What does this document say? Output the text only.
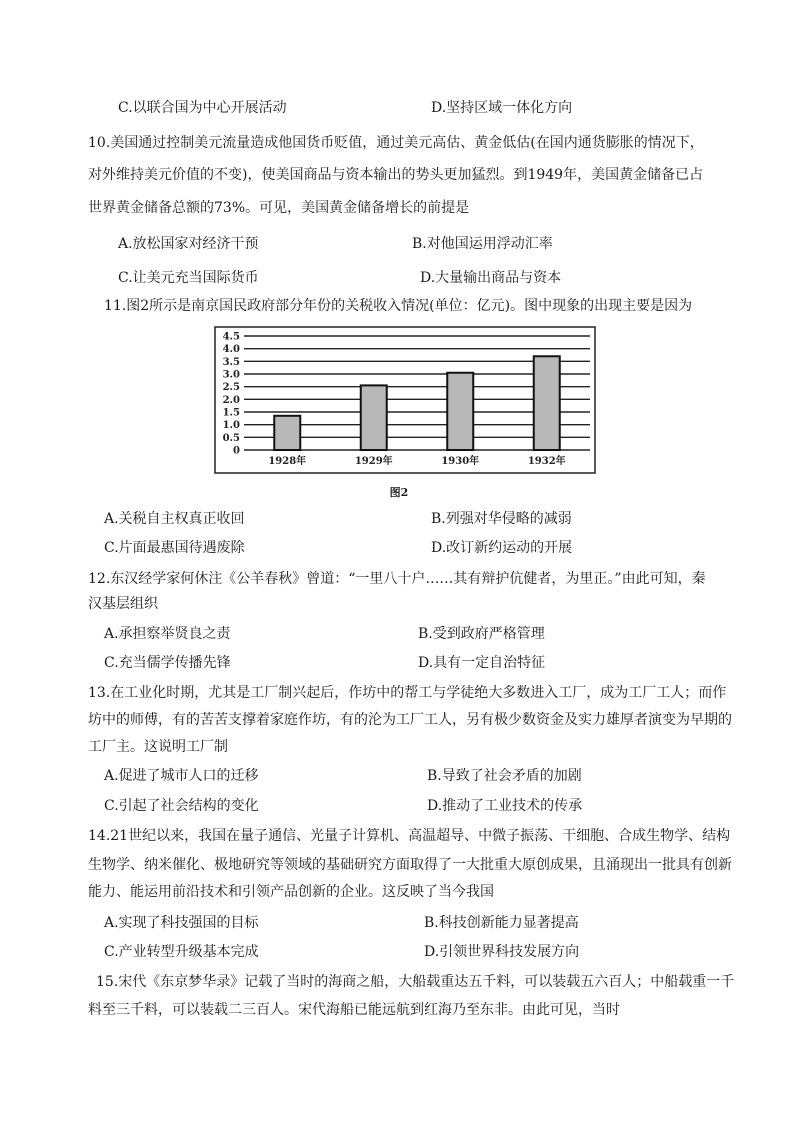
C.以联合国为中心开展活动	D.坚持区域一体化方向
10.美国通过控制美元流量造成他国货币贬值，通过美元高估、黄金低估(在国内通货膨胀的情况下，
对外维持美元价值的不变)，使美国商品与资本输出的势头更加猛烈。到1949年，美国黄金储备已占
世界黄金储备总额的73%。可见，美国黄金储备增长的前提是
A.放松国家对经济干预	B.对他国运用浮动汇率
C.让美元充当国际货币	D.大量输出商品与资本
11.图2所示是南京国民政府部分年份的关税收入情况(单位：亿元)。图中现象的出现主要是因为
0
0.5
1.0
1.5
2.0
2.5
3.0
3.5
4.0
4.5
1928年	1929年	1930年	1932年
图2
A.关税自主权真正收回	B.列强对华侵略的减弱
C.片面最惠国待遇废除	D.改订新约运动的开展
12.东汉经学家何休注《公羊春秋》曾道：“一里八十户……其有辩护伉健者，为里正。”由此可知，秦
汉基层组织
A.承担察举贤良之责	B.受到政府严格管理
C.充当儒学传播先锋	D.具有一定自治特征
13.在工业化时期，尤其是工厂制兴起后，作坊中的帮工与学徒绝大多数进入工厂，成为工厂工人；而作
坊中的师傅，有的苦苦支撑着家庭作坊，有的沦为工厂工人，另有极少数资金及实力雄厚者演变为早期的
工厂主。这说明工厂制
A.促进了城市人口的迁移	B.导致了社会矛盾的加剧
C.引起了社会结构的变化	D.推动了工业技术的传承
14.21世纪以来，我国在量子通信、光量子计算机、高温超导、中微子振荡、干细胞、合成生物学、结构
生物学、纳米催化、极地研究等领域的基础研究方面取得了一大批重大原创成果，且涌现出一批具有创新
能力、能运用前沿技术和引领产品创新的企业。这反映了当今我国
A.实现了科技强国的目标	B.科技创新能力显著提高
C.产业转型升级基本完成	D.引领世界科技发展方向
15.宋代《东京梦华录》记载了当时的海商之船，大船载重达五千料，可以装载五六百人；中船载重一千
料至三千料，可以装载二三百人。宋代海船已能远航到红海乃至东非。由此可见，当时
